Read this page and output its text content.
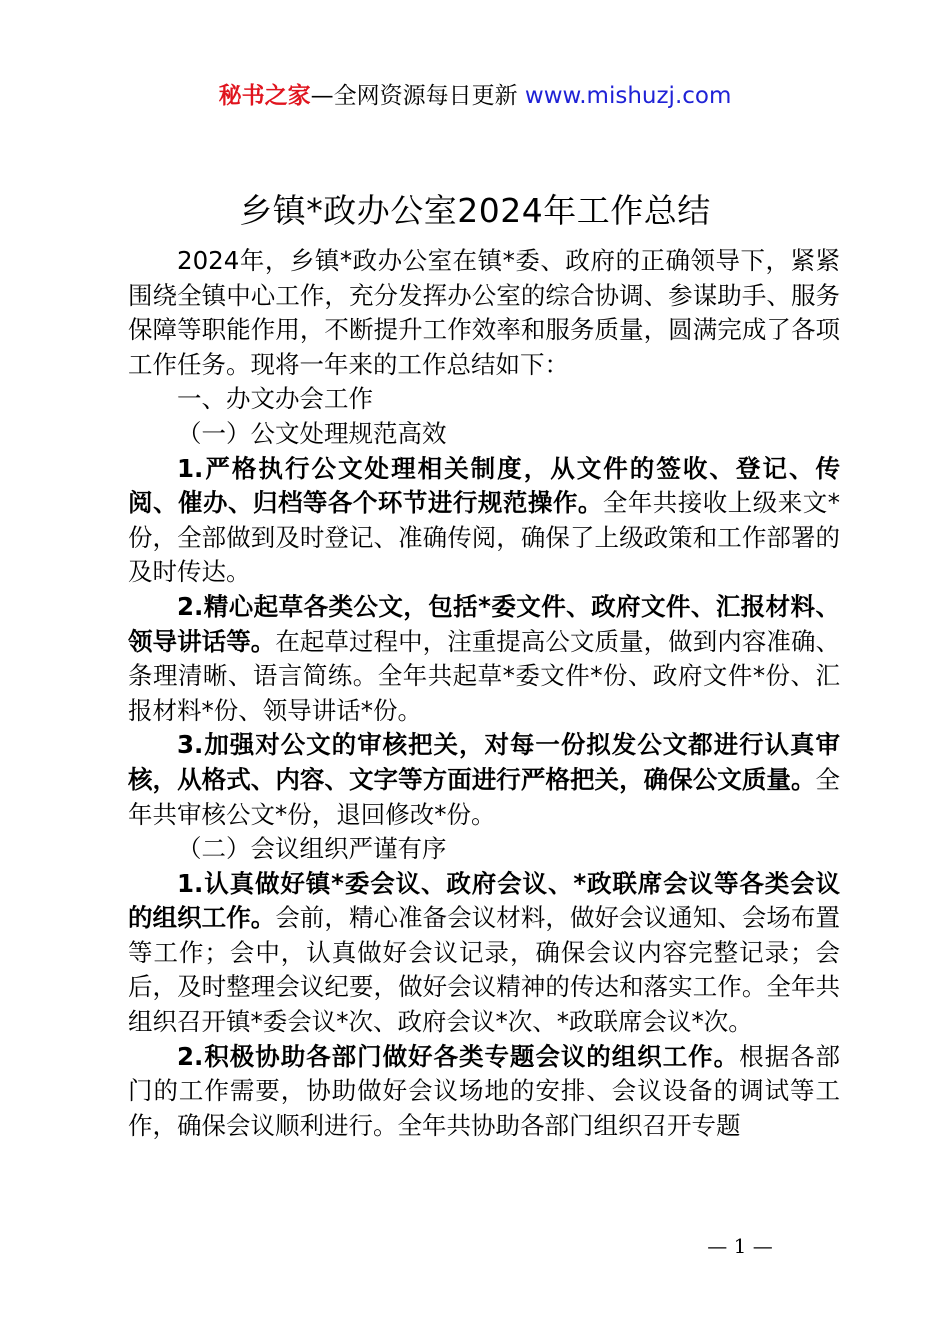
秘书之家—全网资源每日更新 www.mishuzj.com
乡镇*政办公室2024年工作总结

2024年，乡镇*政办公室在镇*委、政府的正确领导下，紧紧围绕全镇中心工作，充分发挥办公室的综合协调、参谋助手、服务保障等职能作用，不断提升工作效率和服务质量，圆满完成了各项工作任务。现将一年来的工作总结如下：

一、办文办会工作

（一）公文处理规范高效

1.严格执行公文处理相关制度，从文件的签收、登记、传阅、催办、归档等各个环节进行规范操作。全年共接收上级来文*份，全部做到及时登记、准确传阅，确保了上级政策和工作部署的及时传达。

2.精心起草各类公文，包括*委文件、政府文件、汇报材料、领导讲话等。在起草过程中，注重提高公文质量，做到内容准确、条理清晰、语言简练。全年共起草*委文件*份、政府文件*份、汇报材料*份、领导讲话*份。

3.加强对公文的审核把关，对每一份拟发公文都进行认真审核，从格式、内容、文字等方面进行严格把关，确保公文质量。全年共审核公文*份，退回修改*份。

（二）会议组织严谨有序

1.认真做好镇*委会议、政府会议、*政联席会议等各类会议的组织工作。会前，精心准备会议材料，做好会议通知、会场布置等工作；会中，认真做好会议记录，确保会议内容完整记录；会后，及时整理会议纪要，做好会议精神的传达和落实工作。全年共组织召开镇*委会议*次、政府会议*次、*政联席会议*次。

2.积极协助各部门做好各类专题会议的组织工作。根据各部门的工作需要，协助做好会议场地的安排、会议设备的调试等工作，确保会议顺利进行。全年共协助各部门组织召开专题

— 1 —
